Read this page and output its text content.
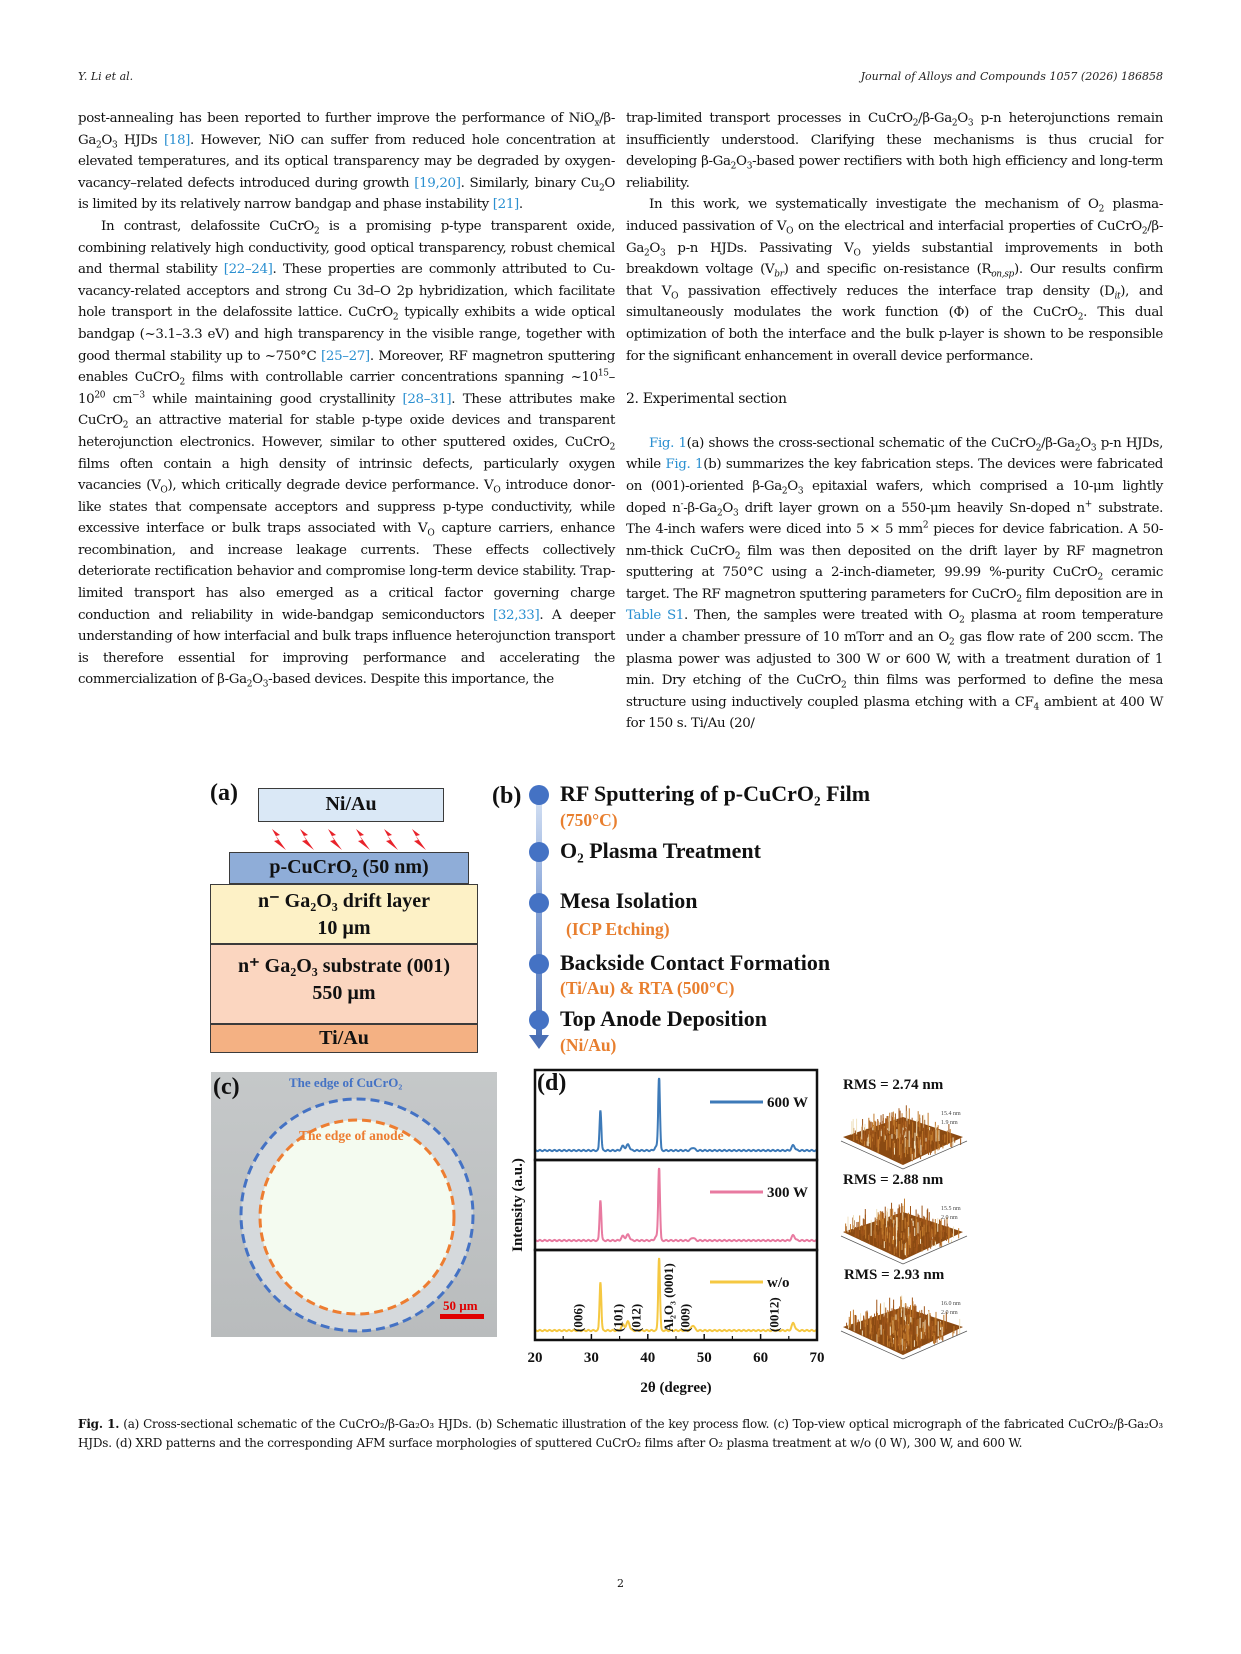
Y. Li et al.	Journal of Alloys and Compounds 1057 (2026) 186858

post-annealing has been reported to further improve the performance of $NiO_x/\beta-Ga_2O_3$ HJDs [18]. However, NiO can suffer from reduced hole concentration at elevated temperatures, and its optical transparency may be degraded by oxygen-vacancy–related defects introduced during growth [19,20]. Similarly, binary $Cu_2O$ is limited by its relatively narrow bandgap and phase instability [21].

In contrast, delafossite CuCrO$_2$ is a promising p-type transparent oxide, combining relatively high conductivity, good optical transparency, robust chemical and thermal stability [22–24]. These properties are commonly attributed to Cu-vacancy-related acceptors and strong Cu 3d–O 2p hybridization, which facilitate hole transport in the delafossite lattice. CuCrO$_2$ typically exhibits a wide optical bandgap (~3.1–3.3 eV) and high transparency in the visible range, together with good thermal stability up to ~750°C [25–27]. Moreover, RF magnetron sputtering enables CuCrO$_2$ films with controllable carrier concentrations spanning $\sim 10^{15}-10^{20}$ $cm^{-3}$ while maintaining good crystallinity [28–31]. These attributes make CuCrO$_2$ an attractive material for stable p-type oxide devices and transparent heterojunction electronics. However, similar to other sputtered oxides, CuCrO$_2$ films often contain a high density of intrinsic defects, particularly oxygen vacancies $(V_O)$, which critically degrade device performance. $V_O$ introduce donor-like states that compensate acceptors and suppress p-type conductivity, while excessive interface or bulk traps associated with $V_O$ capture carriers, enhance recombination, and increase leakage currents. These effects collectively deteriorate rectification behavior and compromise long-term device stability. Trap-limited transport has also emerged as a critical factor governing charge conduction and reliability in wide-bandgap semiconductors [32,33]. A deeper understanding of how interfacial and bulk traps influence heterojunction transport is therefore essential for improving performance and accelerating the commercialization of $\beta-Ga_2O_3$-based devices. Despite this importance, the

trap-limited transport processes in $CuCrO_2/\beta-Ga_2O_3$ p-n heterojunctions remain insufficiently understood. Clarifying these mechanisms is thus crucial for developing $\beta-Ga_2O_3$-based power rectifiers with both high efficiency and long-term reliability.

In this work, we systematically investigate the mechanism of $O_2$ plasma-induced passivation of $V_O$ on the electrical and interfacial properties of $CuCrO_2/\beta-Ga_2O_3$ p-n HJDs. Passivating $V_O$ yields substantial improvements in both breakdown voltage $(V_{br})$ and specific on-resistance $(R_{on,sp})$. Our results confirm that $V_O$ passivation effectively reduces the interface trap density $(D_{it})$, and simultaneously modulates the work function (Φ) of the CuCrO$_2$. This dual optimization of both the interface and the bulk p-layer is shown to be responsible for the significant enhancement in overall device performance.

2. Experimental section

Fig. 1(a) shows the cross-sectional schematic of the $CuCrO_2/\beta-Ga_2O_3$ p-n HJDs, while Fig. 1(b) summarizes the key fabrication steps. The devices were fabricated on (001)-oriented $\beta-Ga_2O_3$ epitaxial wafers, which comprised a 10-μm lightly doped $n^--\beta-Ga_2O_3$ drift layer grown on a 550-μm heavily Sn-doped n+ substrate. The 4-inch wafers were diced into 5 × 5 $mm^2$ pieces for device fabrication. A 50-nm-thick CuCrO$_2$ film was then deposited on the drift layer by RF magnetron sputtering at 750°C using a 2-inch-diameter, 99.99 %-purity CuCrO$_2$ ceramic target. The RF magnetron sputtering parameters for CuCrO$_2$ film deposition are in Table S1. Then, the samples were treated with $O_2$ plasma at room temperature under a chamber pressure of 10 mTorr and an $O_2$ gas flow rate of 200 sccm. The plasma power was adjusted to 300 W or 600 W, with a treatment duration of 1 min. Dry etching of the CuCrO$_2$ thin films was performed to define the mesa structure using inductively coupled plasma etching with a $CF_4$ ambient at 400 W for 150 s. Ti/Au (20/

(a)	Ni/Au
p-CuCrO₂ (50 nm)
n⁻ Ga₂O₃ drift layer
10 µm
n⁺ Ga₂O₃ substrate (001)
550 µm
Ti/Au
(b) RF Sputtering of p-CuCrO₂ Film
(750°C)
O₂ Plasma Treatment
Mesa Isolation
(ICP Etching)
Backside Contact Formation
(Ti/Au) & RTA (500°C)
Top Anode Deposition
(Ni/Au)
(c)	The edge of CuCrO₂
The edge of anode
50 µm
600 W
300 W
w/o
20	30	40	50	60	70
2θ (degree)
Intensity (a.u.)
(006) (101) (012) Al₂O₃ (0001) (009)	(0012)
(d)	RMS = 2.74 nm
RMS = 2.88 nm
RMS = 2.93 nm
15.4 nm
1.9 nm
15.5 nm
2.0 nm
16.0 nm
2.0 nm
Fig. 1. (a) Cross-sectional schematic of the CuCrO₂/β-Ga₂O₃ HJDs. (b) Schematic illustration of the key process flow. (c) Top-view optical micrograph of the fabricated CuCrO₂/β-Ga₂O₃ HJDs. (d) XRD patterns and the corresponding AFM surface morphologies of sputtered CuCrO₂ films after O₂ plasma treatment at w/o (0 W), 300 W, and 600 W.
2
